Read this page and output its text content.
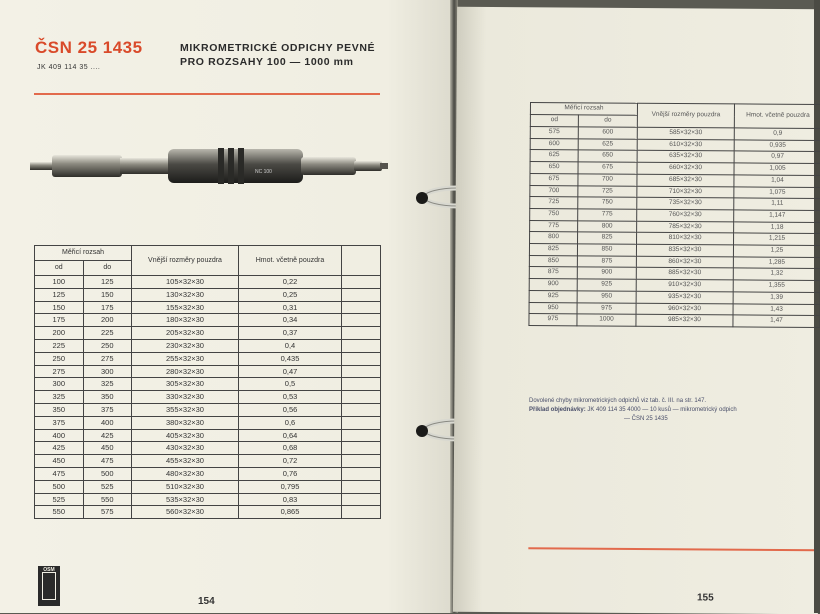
ČSN 25 1435
JK 409 114 35 ....
MIKROMETRICKÉ ODPICHY PEVNÉ
PRO ROZSAHY 100 — 1000 mm
NC 100
OSM
154
Měřicí rozsah		Vnější rozměry pouzdra	Hmot. včetně pouzdra	
od	do			
100	125	105×32×30	0,22	
125	150	130×32×30	0,25	
150	175	155×32×30	0,31	
175	200	180×32×30	0,34	
200	225	205×32×30	0,37	
225	250	230×32×30	0,4	
250	275	255×32×30	0,435	
275	300	280×32×30	0,47	
300	325	305×32×30	0,5	
325	350	330×32×30	0,53	
350	375	355×32×30	0,56	
375	400	380×32×30	0,6	
400	425	405×32×30	0,64	
425	450	430×32×30	0,68	
450	475	455×32×30	0,72	
475	500	480×32×30	0,76	
500	525	510×32×30	0,795	
525	550	535×32×30	0,83	
550	575	560×32×30	0,865	
155
Měřicí rozsah		Vnější rozměry pouzdra	Hmot. včetně pouzdra
od	do		
575	600	585×32×30	0,9
600	625	610×32×30	0,935
625	650	635×32×30	0,97
650	675	660×32×30	1,005
675	700	685×32×30	1,04
700	725	710×32×30	1,075
725	750	735×32×30	1,11
750	775	760×32×30	1,147
775	800	785×32×30	1,18
800	825	810×32×30	1,215
825	850	835×32×30	1,25
850	875	860×32×30	1,285
875	900	885×32×30	1,32
900	925	910×32×30	1,355
925	950	935×32×30	1,39
950	975	960×32×30	1,43
975	1000	985×32×30	1,47
Dovolené chyby mikrometrických odpichů viz tab. č. III. na str. 147.
Příklad objednávky: JK 409 114 35 4000 — 10 kusů — mikrometrický odpich
— ČSN 25 1435
